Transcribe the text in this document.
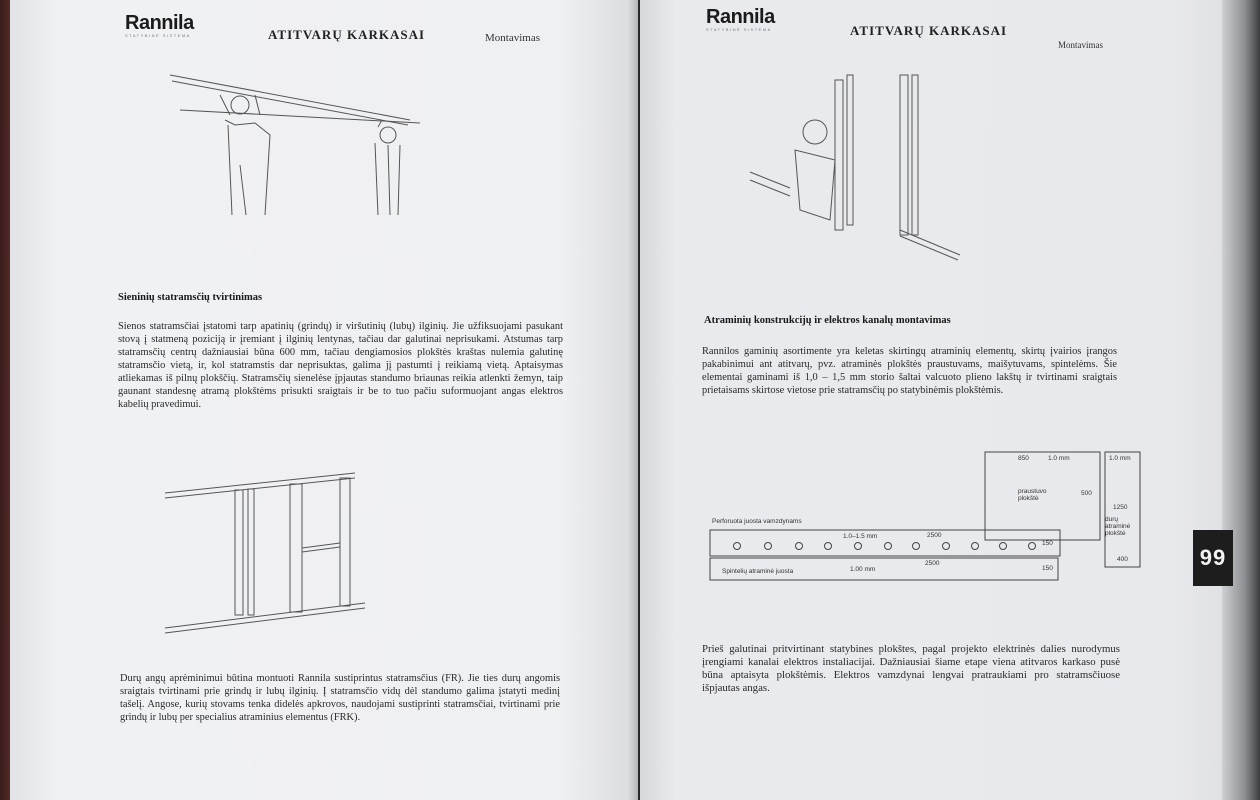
Rannila
STATYBINĖ SISTEMA	ATITVARŲ KARKASAI	Montavimas
Sieninių statramsčių tvirtinimas
Sienos statramsčiai įstatomi tarp apatinių (grindų) ir viršutinių (lubų) ilginių. Jie užfiksuojami pasukant stovą į statmeną poziciją ir įremiant į ilginių lentynas, tačiau dar galutinai neprisukami. Atstumas tarp statramsčių centrų dažniausiai būna 600 mm, tačiau dengiamosios plokštės kraštas nulemia galutinę statramsčio vietą, ir, kol statramstis dar neprisuktas, galima jį pastumti į reikiamą vietą. Aptaisymas atliekamas iš pilnų plokščių. Statramsčių sienelėse įpjautas standumo briaunas reikia atlenkti žemyn, taip gaunant standesnę atramą plokštėms prisukti sraigtais ir be to tuo pačiu suformuojant angas elektros kabelių pravedimui.
Durų angų aprėminimui būtina montuoti Rannila sustiprintus statramsčius (FR). Jie ties durų angomis sraigtais tvirtinami prie grindų ir lubų ilginių. Į statramsčio vidų dėl standumo galima įstatyti medinį tašelį. Angose, kurių stovams tenka didelės apkrovos, naudojami sustiprinti statramsčiai, tvirtinami prie grindų ir lubų per specialius atraminius elementus (FRK).
Rannila
STATYBINĖ SISTEMA	ATITVARŲ KARKASAI
Montavimas
Atraminių konstrukcijų ir elektros kanalų montavimas
Rannilos gaminių asortimente yra keletas skirtingų atraminių elementų, skirtų įvairios įrangos pakabinimui ant atitvarų, pvz. atraminės plokštės praustuvams, maišytuvams, spintelėms. Šie elementai gaminami iš 1,0 – 1,5 mm storio šaltai valcuoto plieno lakštų ir tvirtinami sraigtais prietaisams skirtose vietose prie statramsčių po statybinėmis plokštėmis.
Perforuota juosta vamzdynams
1.0–1.5 mm	2500
150
Spintelių atraminė juosta	1.00 mm
2500
150
praustuvo plokštė
850	1.0 mm
500
1.0 mm
durų atraminė plokštė
1250
400
Prieš galutinai pritvirtinant statybines plokštes, pagal projekto elektrinės dalies nurodymus įrengiami kanalai elektros instaliacijai. Dažniausiai šiame etape viena atitvaros karkaso pusė būna aptaisyta plokštėmis. Elektros vamzdynai lengvai pratraukiami pro statramsčiuose išpjautas angas.
99
